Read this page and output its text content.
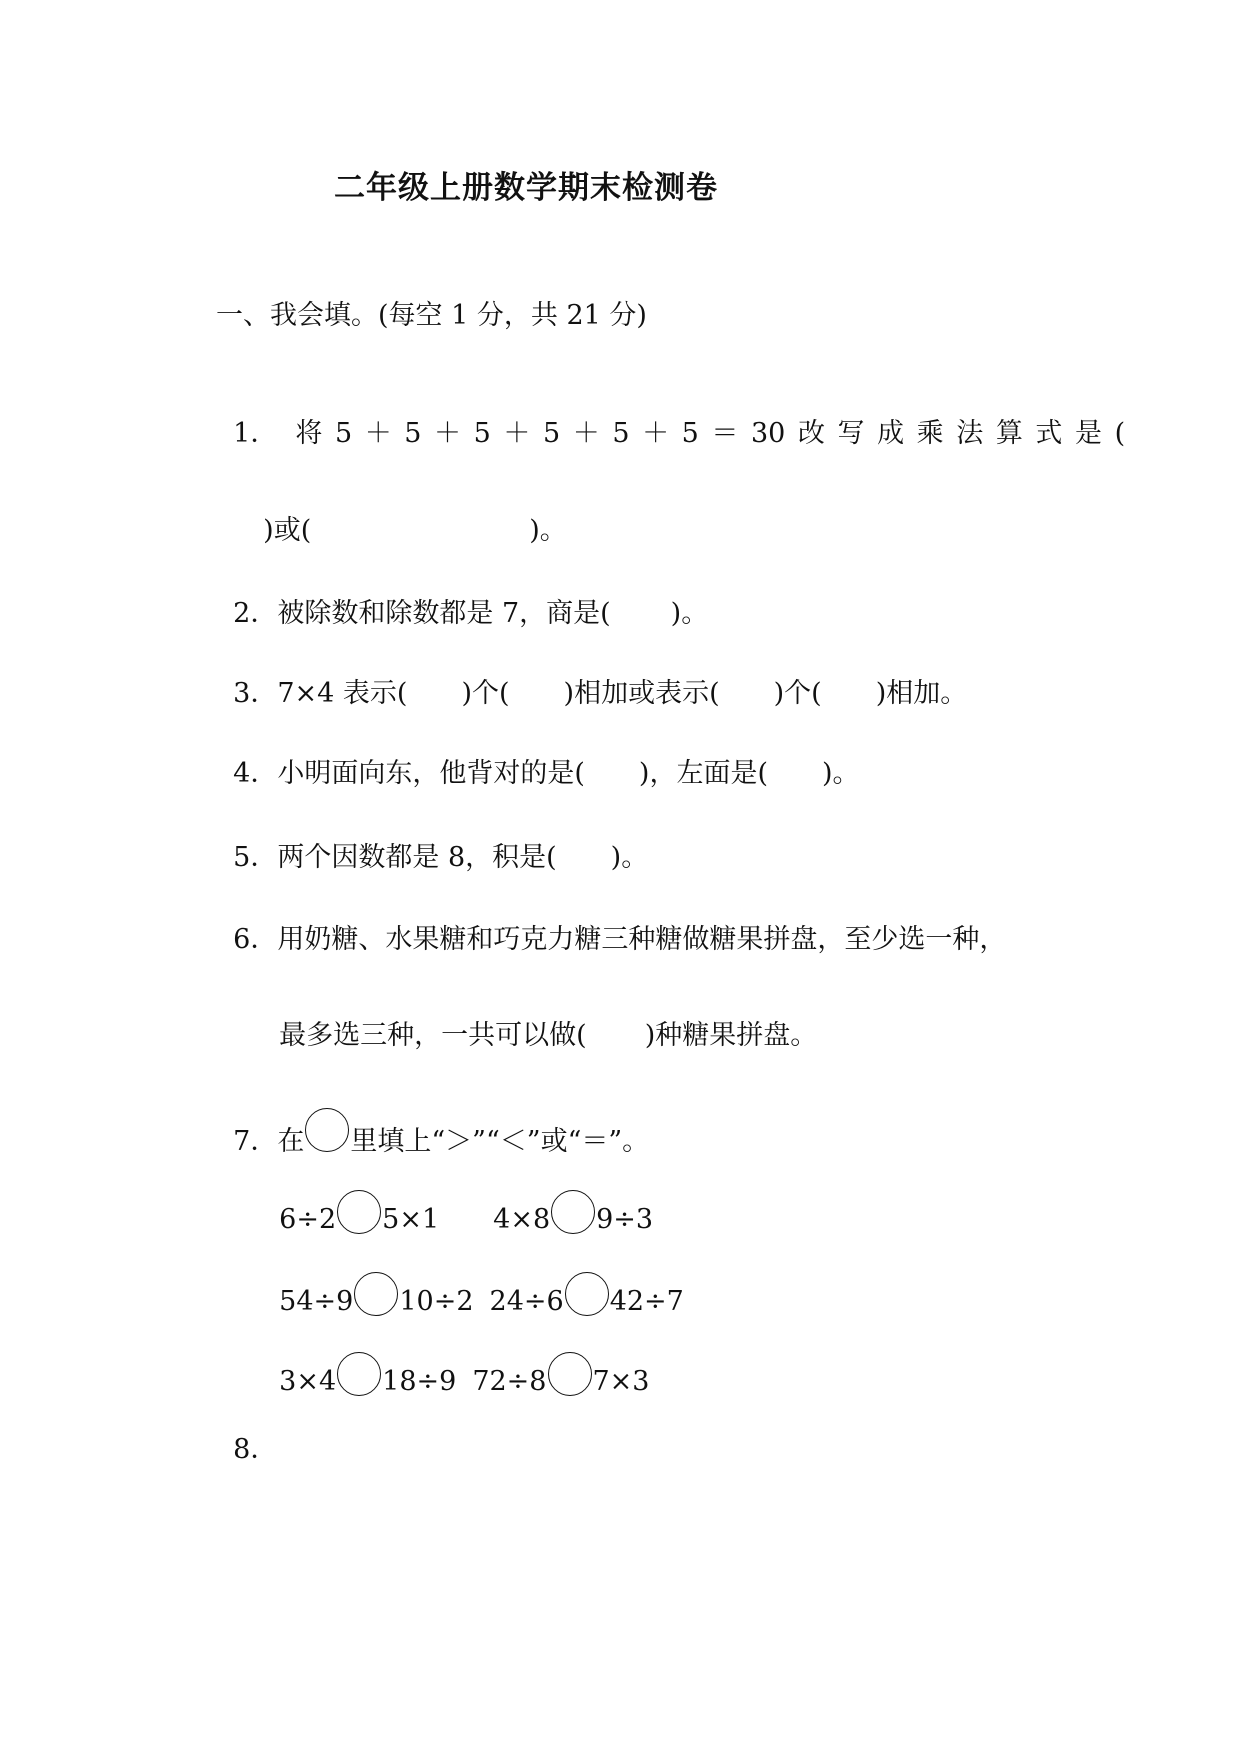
二年级上册数学期末检测卷
一、我会填。(每空 1 分，共 21 分)

1． 将 5 ＋ 5 ＋ 5 ＋ 5 ＋ 5 ＋ 5 ＝ 30 改 写 成 乘 法 算 式 是 (

)或(	)。

2．被除数和除数都是 7，商是( )。

3．7×4 表示( )个( )相加或表示( )个( )相加。

4．小明面向东，他背对的是( )，左面是( )。

5．两个因数都是 8，积是( )。

6．用奶糖、水果糖和巧克力糖三种糖做糖果拼盘，至少选一种，

最多选三种，一共可以做( )种糖果拼盘。

7．在 里填上“＞”“＜”或“＝”。

6÷2 5×1 4×8 9÷3

54÷9 10÷2 24÷6 42÷7

3×4 18÷9 72÷8 7×3

8．
